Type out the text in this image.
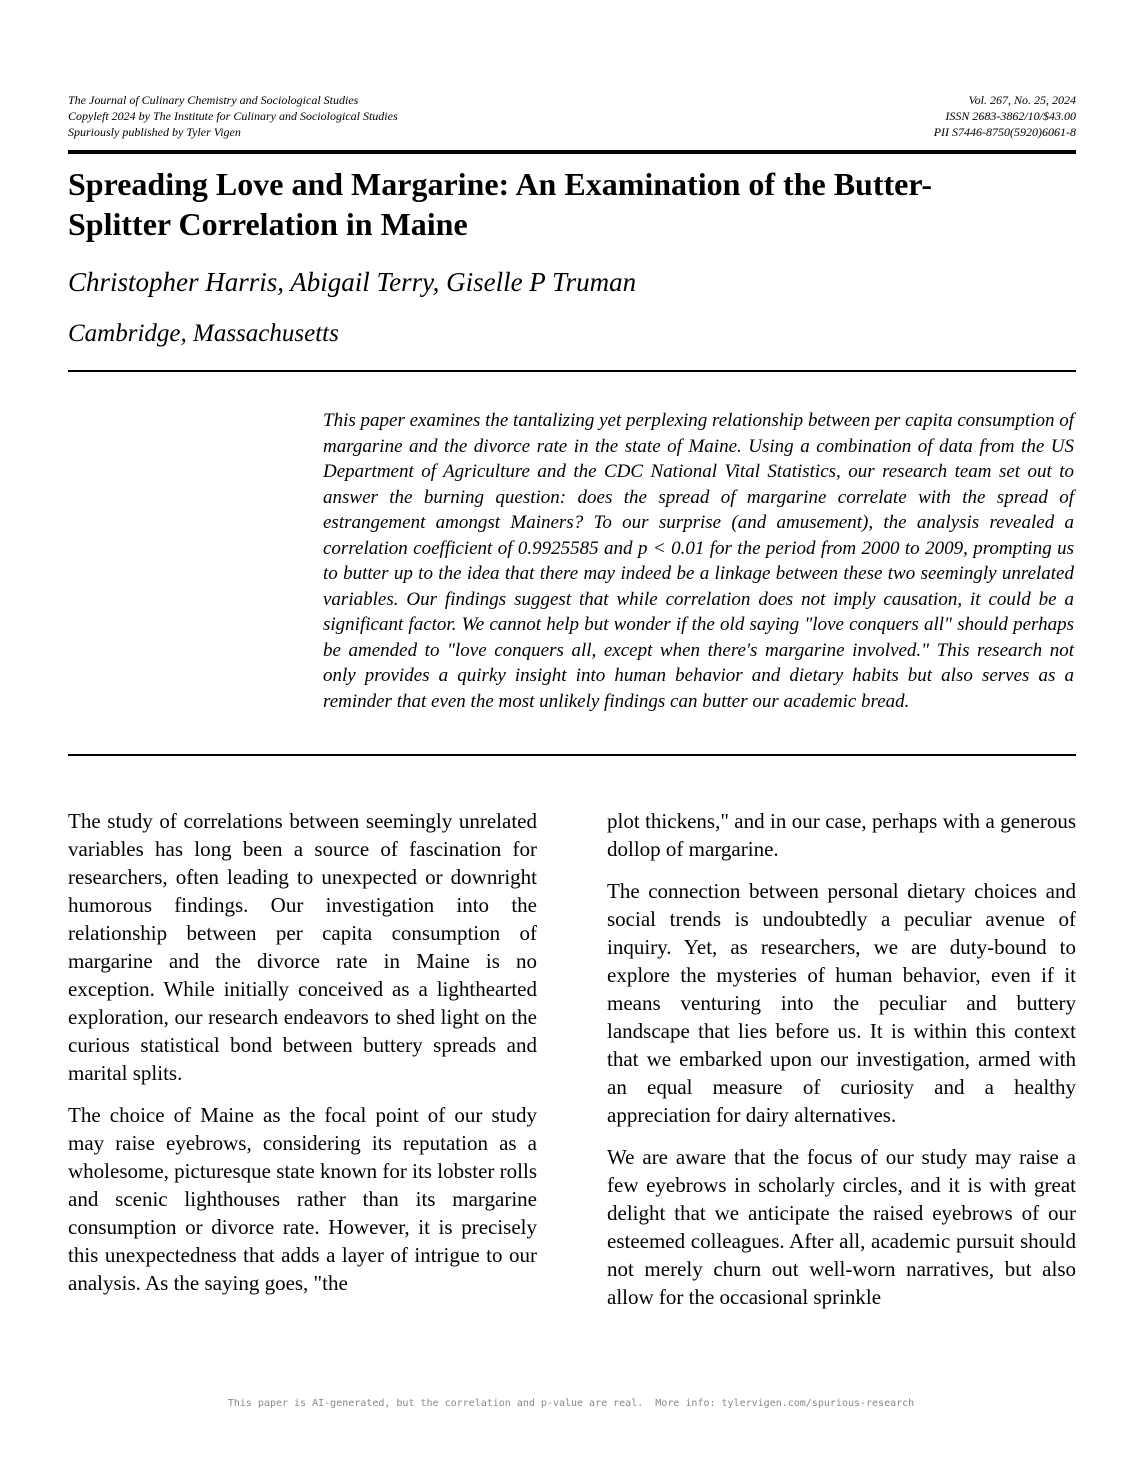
The Journal of Culinary Chemistry and Sociological Studies
Copyleft 2024 by The Institute for Culinary and Sociological Studies
Spuriously published by Tyler Vigen
Vol. 267, No. 25, 2024
ISSN 2683-3862/10/$43.00
PII S7446-8750(5920)6061-8
Spreading Love and Margarine: An Examination of the Butter-Splitter Correlation in Maine
Christopher Harris, Abigail Terry, Giselle P Truman
Cambridge, Massachusetts
This paper examines the tantalizing yet perplexing relationship between per capita consumption of margarine and the divorce rate in the state of Maine. Using a combination of data from the US Department of Agriculture and the CDC National Vital Statistics, our research team set out to answer the burning question: does the spread of margarine correlate with the spread of estrangement amongst Mainers? To our surprise (and amusement), the analysis revealed a correlation coefficient of 0.9925585 and p < 0.01 for the period from 2000 to 2009, prompting us to butter up to the idea that there may indeed be a linkage between these two seemingly unrelated variables. Our findings suggest that while correlation does not imply causation, it could be a significant factor. We cannot help but wonder if the old saying "love conquers all" should perhaps be amended to "love conquers all, except when there's margarine involved." This research not only provides a quirky insight into human behavior and dietary habits but also serves as a reminder that even the most unlikely findings can butter our academic bread.

The study of correlations between seemingly unrelated variables has long been a source of fascination for researchers, often leading to unexpected or downright humorous findings. Our investigation into the relationship between per capita consumption of margarine and the divorce rate in Maine is no exception. While initially conceived as a lighthearted exploration, our research endeavors to shed light on the curious statistical bond between buttery spreads and marital splits.

The choice of Maine as the focal point of our study may raise eyebrows, considering its reputation as a wholesome, picturesque state known for its lobster rolls and scenic lighthouses rather than its margarine consumption or divorce rate. However, it is precisely this unexpectedness that adds a layer of intrigue to our analysis. As the saying goes, "the

plot thickens," and in our case, perhaps with a generous dollop of margarine.

The connection between personal dietary choices and social trends is undoubtedly a peculiar avenue of inquiry. Yet, as researchers, we are duty-bound to explore the mysteries of human behavior, even if it means venturing into the peculiar and buttery landscape that lies before us. It is within this context that we embarked upon our investigation, armed with an equal measure of curiosity and a healthy appreciation for dairy alternatives.

We are aware that the focus of our study may raise a few eyebrows in scholarly circles, and it is with great delight that we anticipate the raised eyebrows of our esteemed colleagues. After all, academic pursuit should not merely churn out well-worn narratives, but also allow for the occasional sprinkle

This paper is AI-generated, but the correlation and p-value are real.  More info: tylervigen.com/spurious-research
